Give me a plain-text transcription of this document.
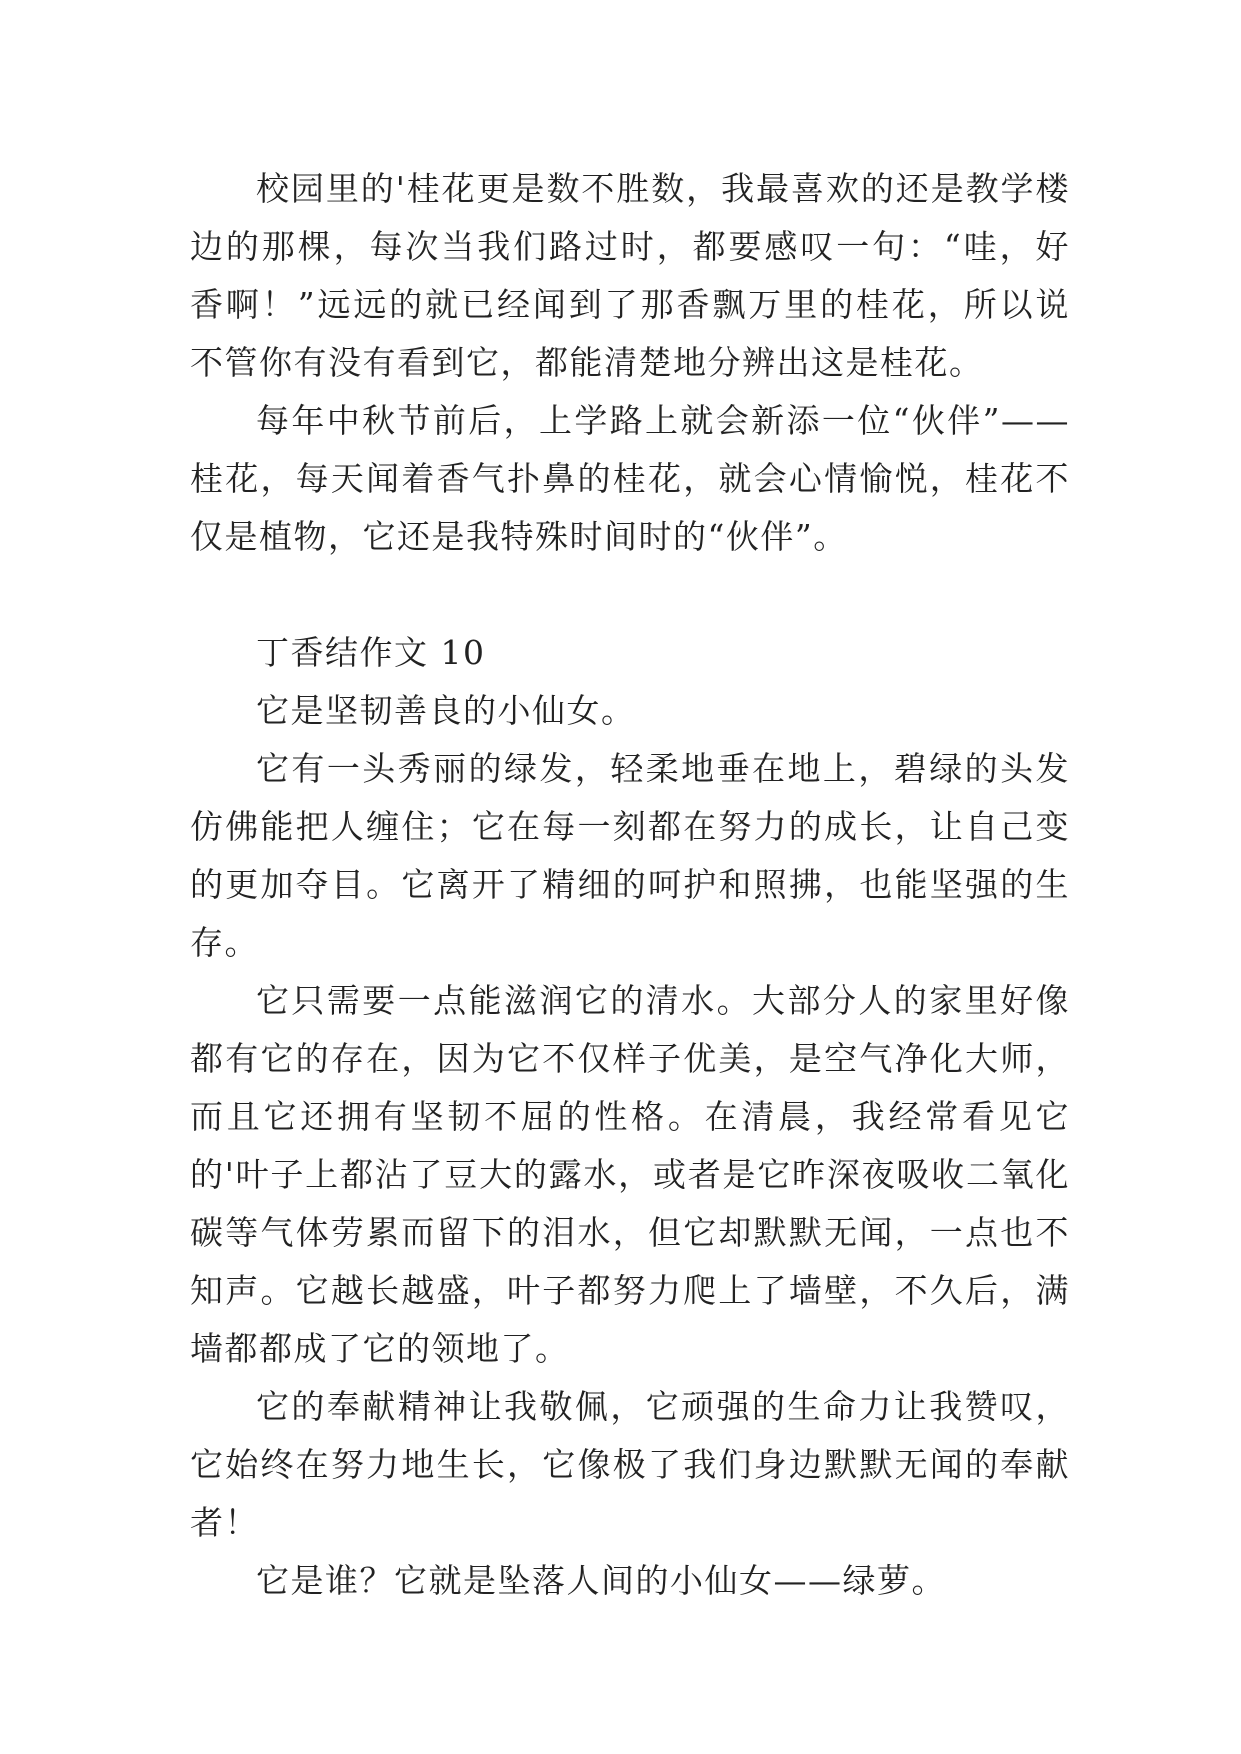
校园里的'桂花更是数不胜数，我最喜欢的还是教学楼边的那棵，每次当我们路过时，都要感叹一句：“哇，好香啊！”远远的就已经闻到了那香飘万里的桂花，所以说不管你有没有看到它，都能清楚地分辨出这是桂花。

每年中秋节前后，上学路上就会新添一位“伙伴”——桂花，每天闻着香气扑鼻的桂花，就会心情愉悦，桂花不仅是植物，它还是我特殊时间时的“伙伴”。

丁香结作文 10

它是坚韧善良的小仙女。

它有一头秀丽的绿发，轻柔地垂在地上，碧绿的头发仿佛能把人缠住；它在每一刻都在努力的成长，让自己变的更加夺目。它离开了精细的呵护和照拂，也能坚强的生存。

它只需要一点能滋润它的清水。大部分人的家里好像都有它的存在，因为它不仅样子优美，是空气净化大师，而且它还拥有坚韧不屈的性格。在清晨，我经常看见它的'叶子上都沾了豆大的露水，或者是它昨深夜吸收二氧化碳等气体劳累而留下的泪水，但它却默默无闻，一点也不知声。它越长越盛，叶子都努力爬上了墙壁，不久后，满墙都都成了它的领地了。

它的奉献精神让我敬佩，它顽强的生命力让我赞叹，它始终在努力地生长，它像极了我们身边默默无闻的奉献者！

它是谁？它就是坠落人间的小仙女——绿萝。
